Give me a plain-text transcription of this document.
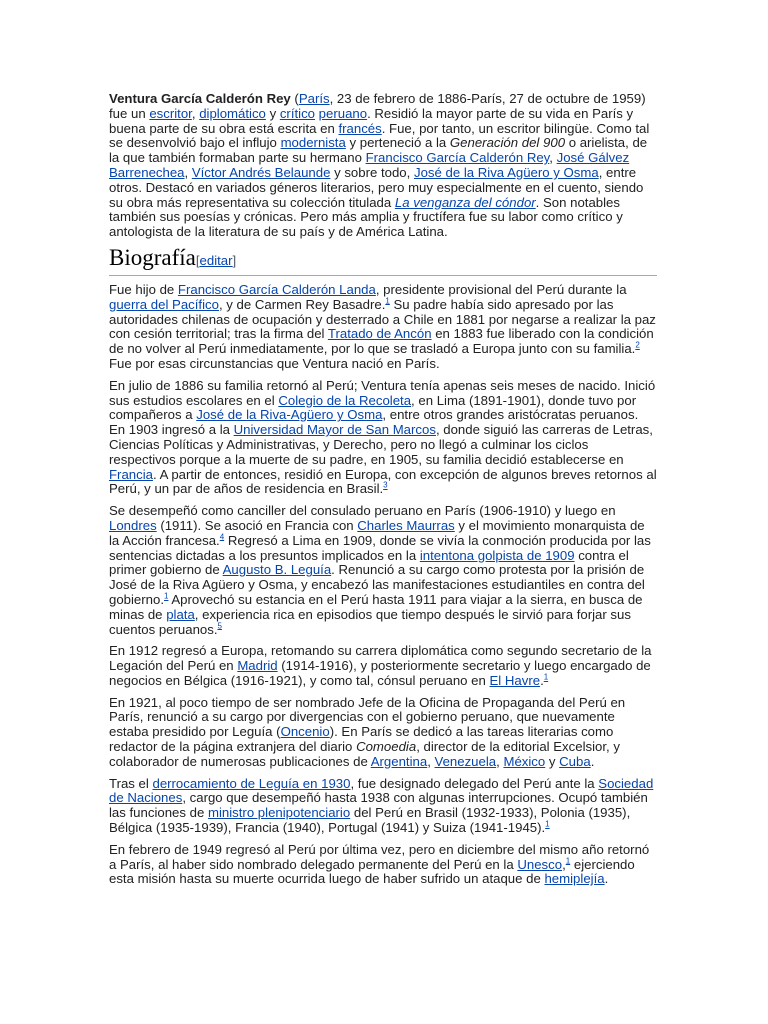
Ventura García Calderón Rey (París, 23 de febrero de 1886-París, 27 de octubre de 1959) fue un escritor, diplomático y crítico peruano. Residió la mayor parte de su vida en París y buena parte de su obra está escrita en francés. Fue, por tanto, un escritor bilingüe. Como tal se desenvolvió bajo el influjo modernista y perteneció a la Generación del 900 o arielista, de la que también formaban parte su hermano Francisco García Calderón Rey, José Gálvez Barrenechea, Víctor Andrés Belaunde y sobre todo, José de la Riva Agüero y Osma, entre otros. Destacó en variados géneros literarios, pero muy especialmente en el cuento, siendo su obra más representativa su colección titulada La venganza del cóndor. Son notables también sus poesías y crónicas. Pero más amplia y fructífera fue su labor como crítico y antologista de la literatura de su país y de América Latina.

Biografía[editar]

Fue hijo de Francisco García Calderón Landa, presidente provisional del Perú durante la guerra del Pacífico, y de Carmen Rey Basadre.$^1$ Su padre había sido apresado por las autoridades chilenas de ocupación y desterrado a Chile en 1881 por negarse a realizar la paz con cesión territorial; tras la firma del Tratado de Ancón en 1883 fue liberado con la condición de no volver al Perú inmediatamente, por lo que se trasladó a Europa junto con su familia.$^2$ Fue por esas circunstancias que Ventura nació en París.

En julio de 1886 su familia retornó al Perú; Ventura tenía apenas seis meses de nacido. Inició sus estudios escolares en el Colegio de la Recoleta, en Lima (1891-1901), donde tuvo por compañeros a José de la Riva-Agüero y Osma, entre otros grandes aristócratas peruanos. En 1903 ingresó a la Universidad Mayor de San Marcos, donde siguió las carreras de Letras, Ciencias Políticas y Administrativas, y Derecho, pero no llegó a culminar los ciclos respectivos porque a la muerte de su padre, en 1905, su familia decidió establecerse en Francia. A partir de entonces, residió en Europa, con excepción de algunos breves retornos al Perú, y un par de años de residencia en Brasil.$^3$

Se desempeñó como canciller del consulado peruano en París (1906-1910) y luego en Londres (1911). Se asoció en Francia con Charles Maurras y el movimiento monarquista de la Acción francesa.$^4$ Regresó a Lima en 1909, donde se vivía la conmoción producida por las sentencias dictadas a los presuntos implicados en la intentona golpista de 1909 contra el primer gobierno de Augusto B. Leguía. Renunció a su cargo como protesta por la prisión de José de la Riva Agüero y Osma, y encabezó las manifestaciones estudiantiles en contra del gobierno.$^1$ Aprovechó su estancia en el Perú hasta 1911 para viajar a la sierra, en busca de minas de plata, experiencia rica en episodios que tiempo después le sirvió para forjar sus cuentos peruanos.$^5$

En 1912 regresó a Europa, retomando su carrera diplomática como segundo secretario de la Legación del Perú en Madrid (1914-1916), y posteriormente secretario y luego encargado de negocios en Bélgica (1916-1921), y como tal, cónsul peruano en El Havre.$^1$

En 1921, al poco tiempo de ser nombrado Jefe de la Oficina de Propaganda del Perú en París, renunció a su cargo por divergencias con el gobierno peruano, que nuevamente estaba presidido por Leguía (Oncenio). En París se dedicó a las tareas literarias como redactor de la página extranjera del diario Comoedia, director de la editorial Excelsior, y colaborador de numerosas publicaciones de Argentina, Venezuela, México y Cuba.

Tras el derrocamiento de Leguía en 1930, fue designado delegado del Perú ante la Sociedad de Naciones, cargo que desempeñó hasta 1938 con algunas interrupciones. Ocupó también las funciones de ministro plenipotenciario del Perú en Brasil (1932-1933), Polonia (1935), Bélgica (1935-1939), Francia (1940), Portugal (1941) y Suiza (1941-1945).$^1$

En febrero de 1949 regresó al Perú por última vez, pero en diciembre del mismo año retornó a París, al haber sido nombrado delegado permanente del Perú en la Unesco,$^1$ ejerciendo esta misión hasta su muerte ocurrida luego de haber sufrido un ataque de hemiplejía.
